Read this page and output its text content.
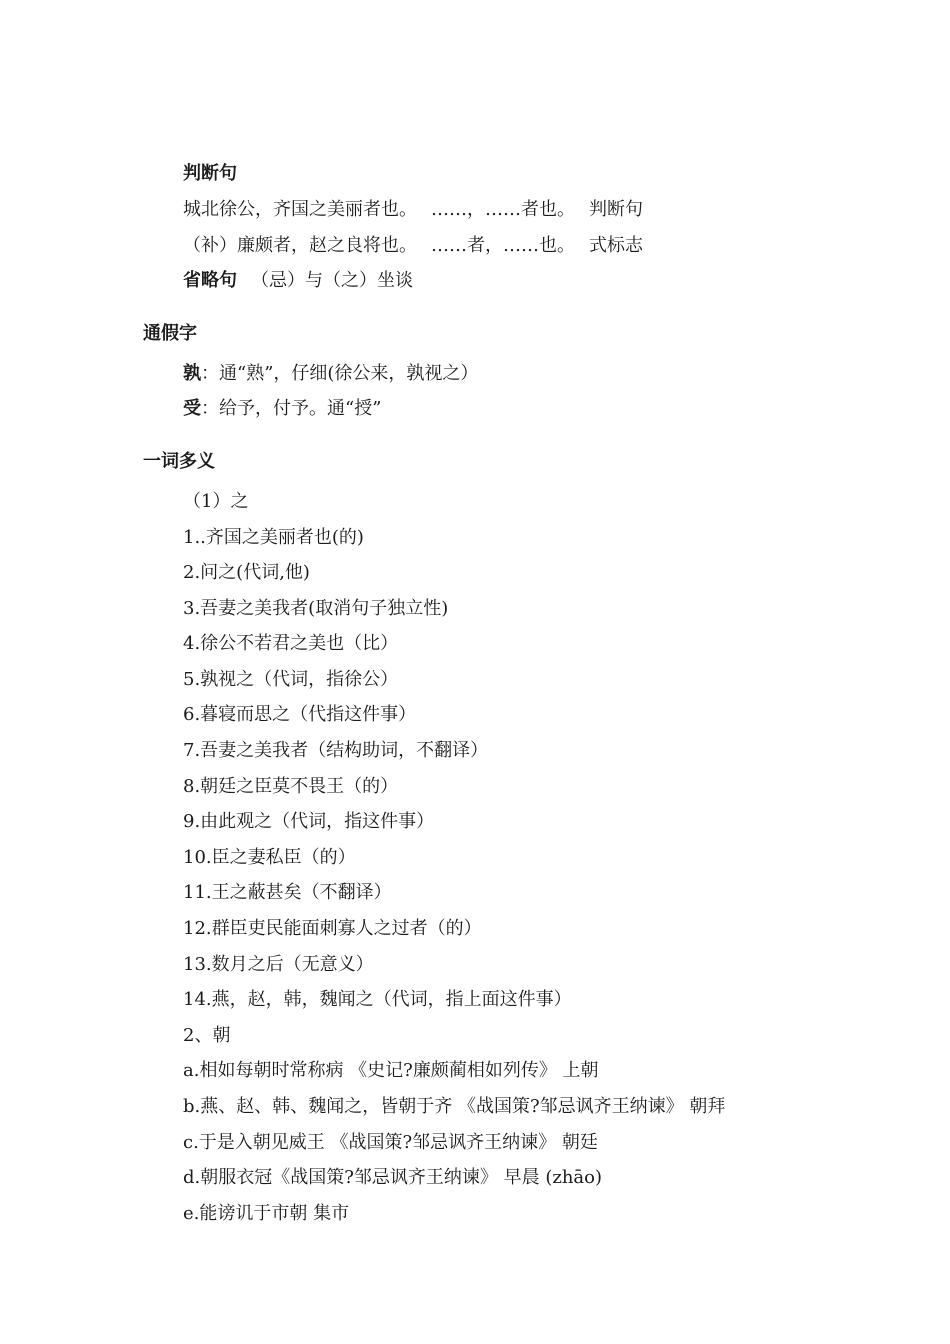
判断句
城北徐公，齐国之美丽者也。 ……，……者也。 判断句
（补）廉颇者，赵之良将也。 ……者，……也。 式标志
省略句 （忌）与（之）坐谈
通假字
孰：通“熟”，仔细(徐公来，孰视之）
受：给予，付予。通“授”
一词多义
（1）之
1..齐国之美丽者也(的)
2.问之(代词,他)
3.吾妻之美我者(取消句子独立性)
4.徐公不若君之美也（比）
5.孰视之（代词，指徐公）
6.暮寝而思之（代指这件事）
7.吾妻之美我者（结构助词，不翻译）
8.朝廷之臣莫不畏王（的）
9.由此观之（代词，指这件事）
10.臣之妻私臣（的）
11.王之蔽甚矣（不翻译）
12.群臣吏民能面刺寡人之过者（的）
13.数月之后（无意义）
14.燕，赵，韩，魏闻之（代词，指上面这件事）
2、朝
a.相如每朝时常称病 《史记?廉颇蔺相如列传》 上朝
b.燕、赵、韩、魏闻之，皆朝于齐 《战国策?邹忌讽齐王纳谏》 朝拜
c.于是入朝见威王 《战国策?邹忌讽齐王纳谏》 朝廷
d.朝服衣冠《战国策?邹忌讽齐王纳谏》 早晨 (zhāo)
e.能谤讥于市朝 集市
